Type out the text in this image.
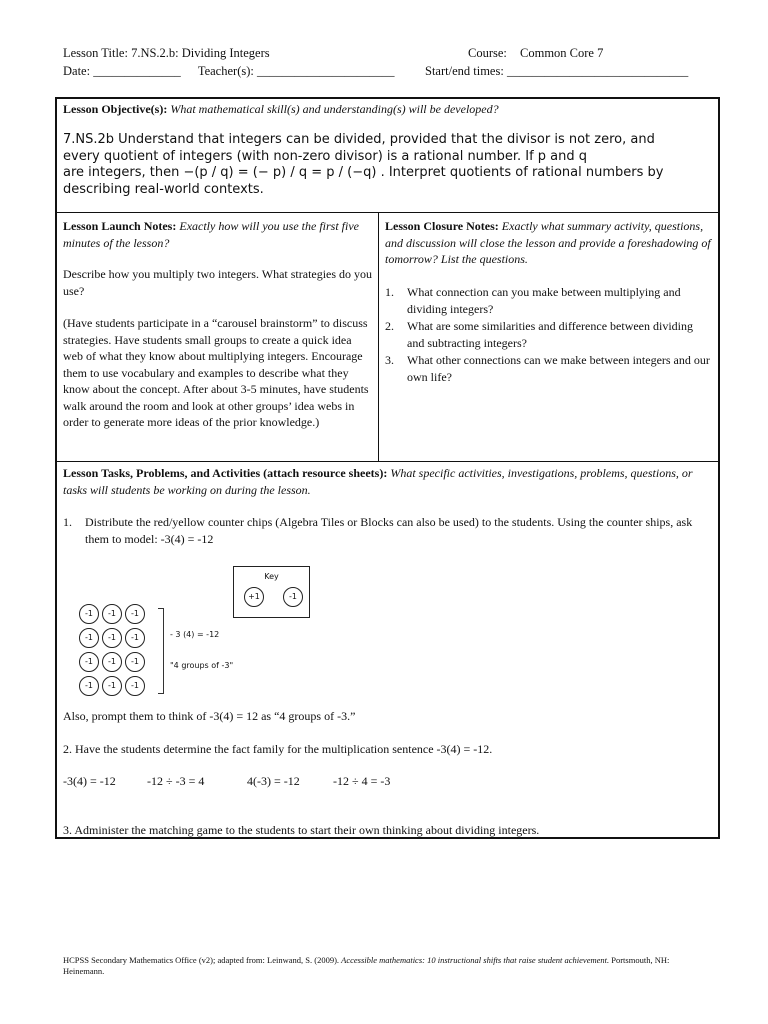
Lesson Title: 7.NS.2.b: Dividing Integers	Course: Common Core 7
Date: ______________ Teacher(s): ______________________ Start/end times: _____________________________
Lesson Objective(s): What mathematical skill(s) and understanding(s) will be developed?
7.NS.2b Understand that integers can be divided, provided that the divisor is not zero, and
every quotient of integers (with non-zero divisor) is a rational number. If p and q
are integers, then −(p / q) = (− p) / q = p / (−q) . Interpret quotients of rational numbers by
describing real-world contexts.
Lesson Launch Notes: Exactly how will you use the first five minutes of the lesson?
Describe how you multiply two integers. What strategies do you use?
(Have students participate in a “carousel brainstorm” to discuss strategies. Have students small groups to create a quick idea web of what they know about multiplying integers. Encourage them to use vocabulary and examples to describe what they know about the concept. After about 3-5 minutes, have students walk around the room and look at other groups’ idea webs in order to generate more ideas of the prior knowledge.)
Lesson Closure Notes: Exactly what summary activity, questions, and discussion will close the lesson and provide a foreshadowing of tomorrow? List the questions.
1. What connection can you make between multiplying and dividing integers?
2. What are some similarities and difference between dividing and subtracting integers?
3. What other connections can we make between integers and our own life?
Lesson Tasks, Problems, and Activities (attach resource sheets): What specific activities, investigations, problems, questions, or tasks will students be working on during the lesson.
1. Distribute the red/yellow counter chips (Algebra Tiles or Blocks can also be used) to the students. Using the counter ships, ask them to model: -3(4) = -12
Key
+1	-1
-1	-1	-1
-1	-1	-1
-1	-1	-1
-1	-1	-1
- 3 (4) = -12
"4 groups of -3"
Also, prompt them to think of -3(4) = 12 as “4 groups of -3.”
2. Have the students determine the fact family for the multiplication sentence -3(4) = -12.
-3(4) = -12	-12 ÷ -3 = 4	4(-3) = -12	-12 ÷ 4 = -3
3. Administer the matching game to the students to start their own thinking about dividing integers.
HCPSS Secondary Mathematics Office (v2); adapted from: Leinwand, S. (2009). Accessible mathematics: 10 instructional shifts that raise student achievement. Portsmouth, NH: Heinemann.
